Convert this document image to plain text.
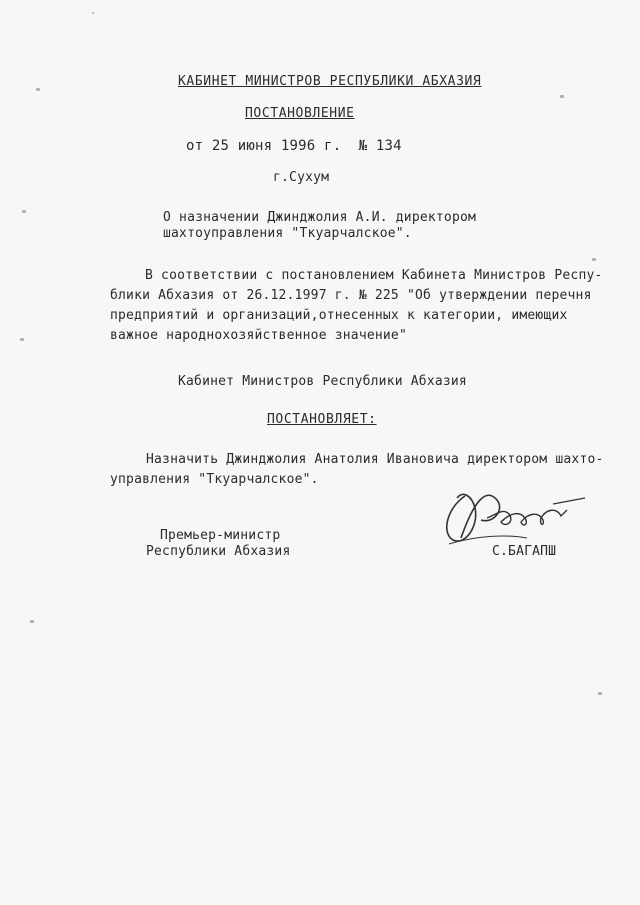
КАБИНЕТ МИНИСТРОВ РЕСПУБЛИКИ АБХАЗИЯ
ПОСТАНОВЛЕНИЕ
от 25 июня 1996 г.  № 134
г.Сухум
О назначении Джинджолия А.И. директором
шахтоуправления "Ткуарчалское".
В соответствии с постановлением Кабинета Министров Респу-
блики Абхазия от 26.12.1997 г. № 225 "Об утверждении перечня
предприятий и организаций,отнесенных к категории, имеющих
важное народнохозяйственное значение"
Кабинет Министров Республики Абхазия
ПОСТАНОВЛЯЕТ:
Назначить Джинджолия Анатолия Ивановича директором шахто-
управления "Ткуарчалское".
Премьер-министр
Республики Абхазия	С.БАГАПШ
